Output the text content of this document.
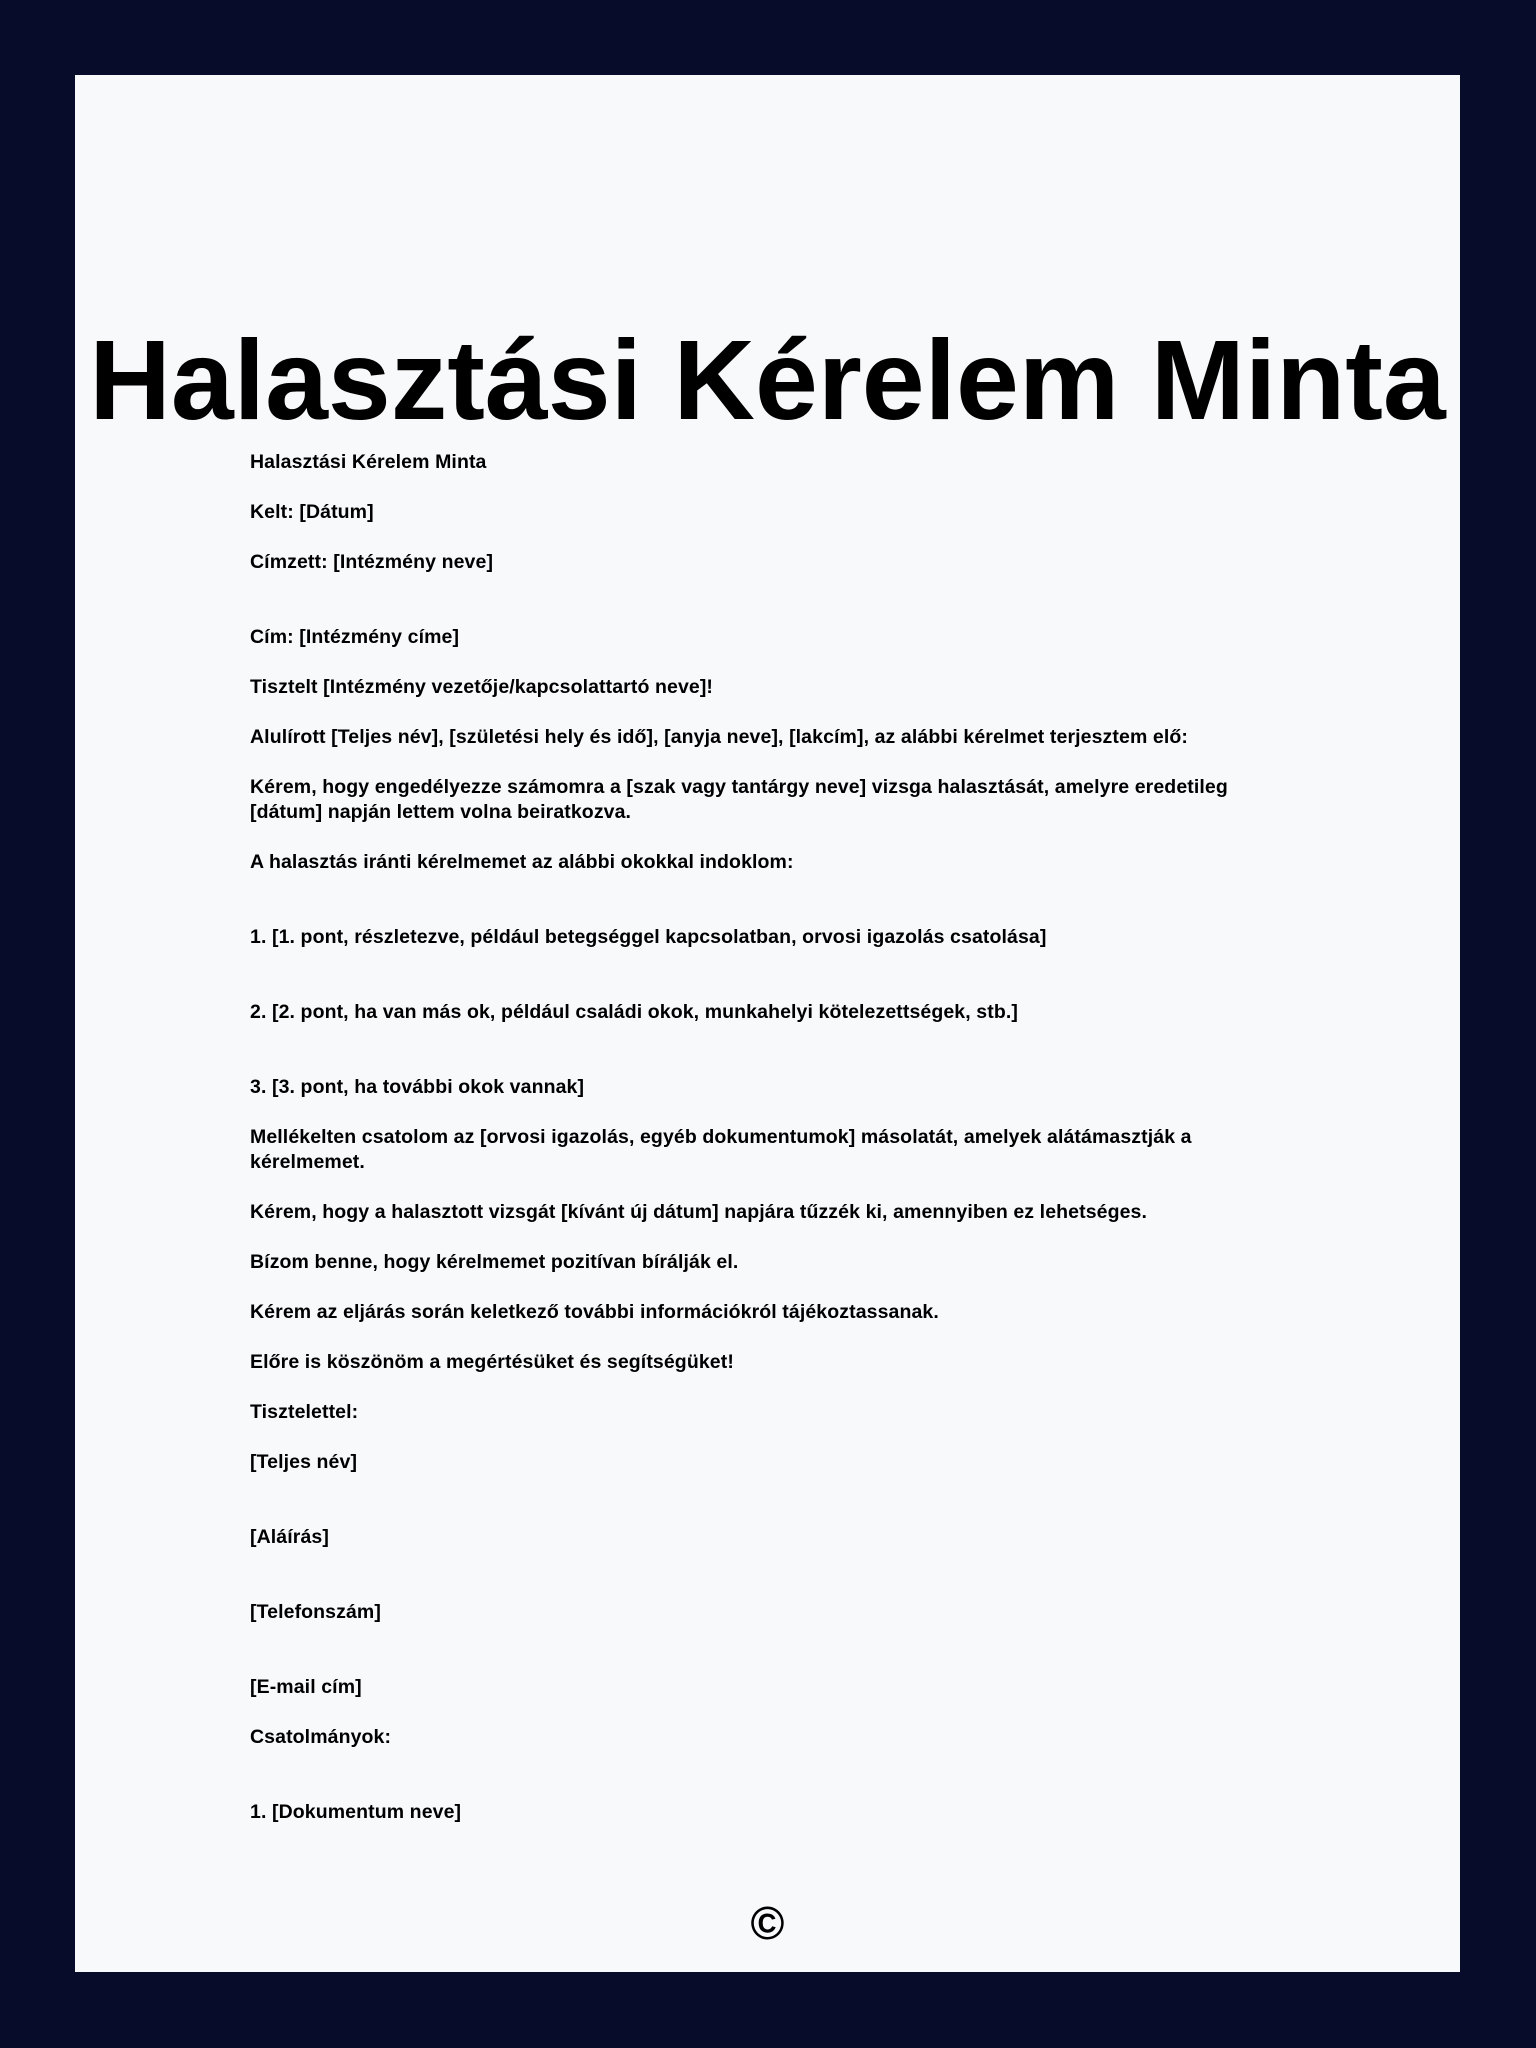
Halasztási Kérelem Minta

Halasztási Kérelem Minta

Kelt: [Dátum]

Címzett: [Intézmény neve]

Cím: [Intézmény címe]

Tisztelt [Intézmény vezetője/kapcsolattartó neve]!

Alulírott [Teljes név], [születési hely és idő], [anyja neve], [lakcím], az alábbi kérelmet terjesztem elő:

Kérem, hogy engedélyezze számomra a [szak vagy tantárgy neve] vizsga halasztását, amelyre eredetileg [dátum] napján lettem volna beiratkozva.

A halasztás iránti kérelmemet az alábbi okokkal indoklom:

1. [1. pont, részletezve, például betegséggel kapcsolatban, orvosi igazolás csatolása]

2. [2. pont, ha van más ok, például családi okok, munkahelyi kötelezettségek, stb.]

3. [3. pont, ha további okok vannak]

Mellékelten csatolom az [orvosi igazolás, egyéb dokumentumok] másolatát, amelyek alátámasztják a kérelmemet.

Kérem, hogy a halasztott vizsgát [kívánt új dátum] napjára tűzzék ki, amennyiben ez lehetséges.

Bízom benne, hogy kérelmemet pozitívan bírálják el.

Kérem az eljárás során keletkező további információkról tájékoztassanak.

Előre is köszönöm a megértésüket és segítségüket!

Tisztelettel:

[Teljes név]

[Aláírás]

[Telefonszám]

[E-mail cím]

Csatolmányok:

1. [Dokumentum neve]

©
